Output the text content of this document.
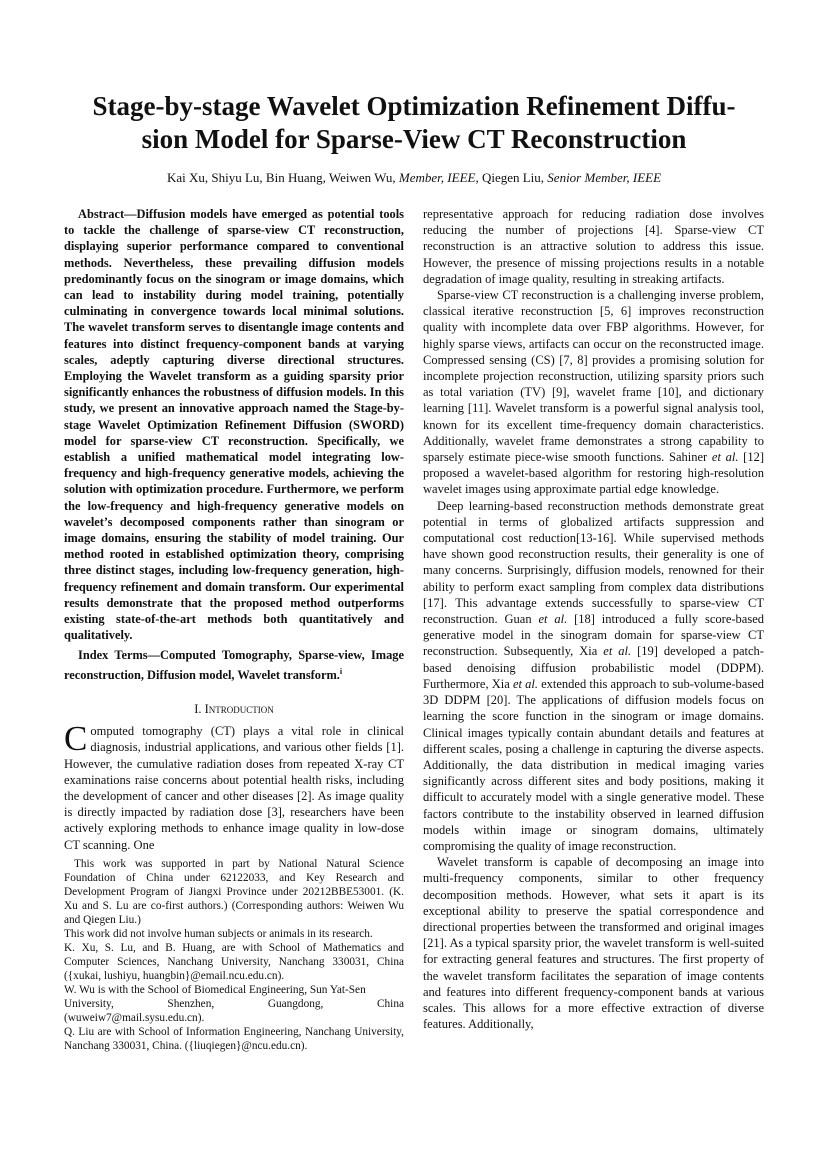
Stage-by-stage Wavelet Optimization Refinement Diffu-
sion Model for Sparse-View CT Reconstruction

Kai Xu, Shiyu Lu, Bin Huang, Weiwen Wu, Member, IEEE, Qiegen Liu, Senior Member, IEEE

Abstract—Diffusion models have emerged as potential tools to tackle the challenge of sparse-view CT reconstruction, displaying superior performance compared to conventional methods. Nevertheless, these prevailing diffusion models predominantly focus on the sinogram or image domains, which can lead to instability during model training, potentially culminating in convergence towards local minimal solutions. The wavelet transform serves to disentangle image contents and features into distinct frequency-component bands at varying scales, adeptly capturing diverse directional structures. Employing the Wavelet transform as a guiding sparsity prior significantly enhances the robustness of diffusion models. In this study, we present an innovative approach named the Stage-by-stage Wavelet Optimization Refinement Diffusion (SWORD) model for sparse-view CT reconstruction. Specifically, we establish a unified mathematical model integrating low-frequency and high-frequency generative models, achieving the solution with optimization procedure. Furthermore, we perform the low-frequency and high-frequency generative models on wavelet’s decomposed components rather than sinogram or image domains, ensuring the stability of model training. Our method rooted in established optimization theory, comprising three distinct stages, including low-frequency generation, high-frequency refinement and domain transform. Our experimental results demonstrate that the proposed method outperforms existing state-of-the-art methods both quantitatively and qualitatively.

Index Terms—Computed Tomography, Sparse-view, Image reconstruction, Diffusion model, Wavelet transform.$^i$

I. Introduction

Computed tomography (CT) plays a vital role in clinical diagnosis, industrial applications, and various other fields [1]. However, the cumulative radiation doses from repeated X-ray CT examinations raise concerns about potential health risks, including the development of cancer and other diseases [2]. As image quality is directly impacted by radiation dose [3], researchers have been actively exploring methods to enhance image quality in low-dose CT scanning. One

This work was supported in part by National Natural Science Foundation of China under 62122033, and Key Research and Development Program of Jiangxi Province under 20212BBE53001. (K. Xu and S. Lu are co-first authors.) (Corresponding authors: Weiwen Wu and Qiegen Liu.)

This work did not involve human subjects or animals in its research.

K. Xu, S. Lu, and B. Huang, are with School of Mathematics and Computer Sciences, Nanchang University, Nanchang 330031, China ({xukai, lushiyu, huangbin}@email.ncu.edu.cn).

W. Wu is with the School of Biomedical Engineering, Sun Yat-Sen

University, Shenzhen, Guangdong, China

(wuweiw7@mail.sysu.edu.cn).

Q. Liu are with School of Information Engineering, Nanchang University, Nanchang 330031, China. ({liuqiegen}@ncu.edu.cn).

representative approach for reducing radiation dose involves reducing the number of projections [4]. Sparse-view CT reconstruction is an attractive solution to address this issue. However, the presence of missing projections results in a notable degradation of image quality, resulting in streaking artifacts.

Sparse-view CT reconstruction is a challenging inverse problem, classical iterative reconstruction [5, 6] improves reconstruction quality with incomplete data over FBP algorithms. However, for highly sparse views, artifacts can occur on the reconstructed image. Compressed sensing (CS) [7, 8] provides a promising solution for incomplete projection reconstruction, utilizing sparsity priors such as total variation (TV) [9], wavelet frame [10], and dictionary learning [11]. Wavelet transform is a powerful signal analysis tool, known for its excellent time-frequency domain characteristics. Additionally, wavelet frame demonstrates a strong capability to sparsely estimate piece-wise smooth functions. Sahiner et al. [12] proposed a wavelet-based algorithm for restoring high-resolution wavelet images using approximate partial edge knowledge.

Deep learning-based reconstruction methods demonstrate great potential in terms of globalized artifacts suppression and computational cost reduction[13-16]. While supervised methods have shown good reconstruction results, their generality is one of many concerns. Surprisingly, diffusion models, renowned for their ability to perform exact sampling from complex data distributions [17]. This advantage extends successfully to sparse-view CT reconstruction. Guan et al. [18] introduced a fully score-based generative model in the sinogram domain for sparse-view CT reconstruction. Subsequently, Xia et al. [19] developed a patch-based denoising diffusion probabilistic model (DDPM). Furthermore, Xia et al. extended this approach to sub-volume-based 3D DDPM [20]. The applications of diffusion models focus on learning the score function in the sinogram or image domains. Clinical images typically contain abundant details and features at different scales, posing a challenge in capturing the diverse aspects. Additionally, the data distribution in medical imaging varies significantly across different sites and body positions, making it difficult to accurately model with a single generative model. These factors contribute to the instability observed in learned diffusion models within image or sinogram domains, ultimately compromising the quality of image reconstruction.

Wavelet transform is capable of decomposing an image into multi-frequency components, similar to other frequency decomposition methods. However, what sets it apart is its exceptional ability to preserve the spatial correspondence and directional properties between the transformed and original images [21]. As a typical sparsity prior, the wavelet transform is well-suited for extracting general features and structures. The first property of the wavelet transform facilitates the separation of image contents and features into different frequency-component bands at various scales. This allows for a more effective extraction of diverse features. Additionally,
